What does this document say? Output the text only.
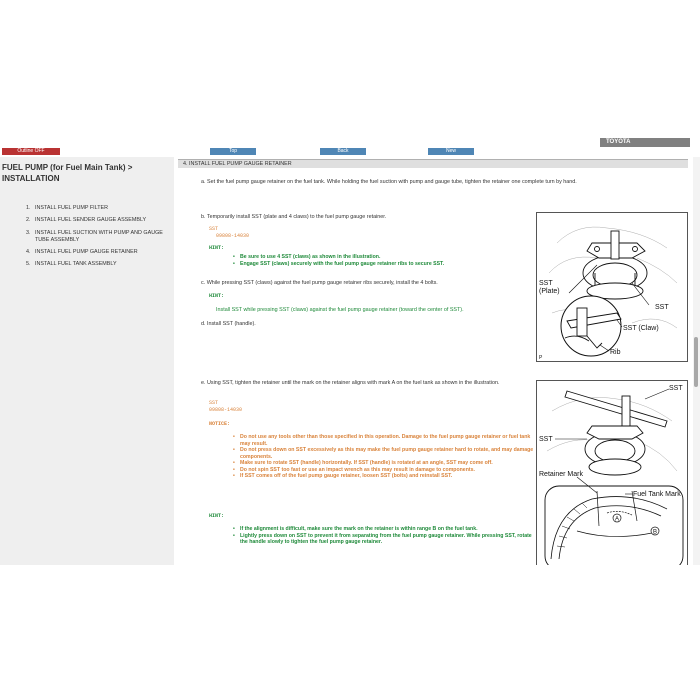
Outline OFF	Top	Back	New
TOYOTA
FUEL PUMP (for Fuel Main Tank) > INSTALLATION
1. INSTALL FUEL PUMP FILTER
2. INSTALL FUEL SENDER GAUGE ASSEMBLY
3. INSTALL FUEL SUCTION WITH PUMP AND GAUGE TUBE ASSEMBLY
4. INSTALL FUEL PUMP GAUGE RETAINER
5. INSTALL FUEL TANK ASSEMBLY
4. INSTALL FUEL PUMP GAUGE RETAINER
a. Set the fuel pump gauge retainer on the fuel tank. While holding the fuel suction with pump and gauge tube, tighten the retainer one complete turn by hand.
b. Temporarily install SST (plate and 4 claws) to the fuel pump gauge retainer.
SST
09808-14030
HINT:
• Be sure to use 4 SST (claws) as shown in the illustration.
• Engage SST (claws) securely with the fuel pump gauge retainer ribs to secure SST.
c. While pressing SST (claws) against the fuel pump gauge retainer ribs securely, install the 4 bolts.
HINT:
Install SST while pressing SST (claws) against the fuel pump gauge retainer (toward the center of SST).
d. Install SST (handle).
SST
(Plate)
SST
SST (Claw)
Rib
P
e. Using SST, tighten the retainer until the mark on the retainer aligns with mark A on the fuel tank as shown in the illustration.
SST
09808-14030
NOTICE:
• Do not use any tools other than those specified in this operation. Damage to the fuel pump gauge retainer or fuel tank may result.
• Do not press down on SST excessively as this may make the fuel pump gauge retainer hard to rotate, and may damage components.
• Make sure to rotate SST (handle) horizontally. If SST (handle) is rotated at an angle, SST may come off.
• Do not spin SST too fast or use an impact wrench as this may result in damage to components.
• If SST comes off of the fuel pump gauge retainer, loosen SST (bolts) and reinstall SST.
HINT:
• If the alignment is difficult, make sure the mark on the retainer is within range B on the fuel tank.
• Lightly press down on SST to prevent it from separating from the fuel pump gauge retainer. While pressing SST, rotate the handle slowly to tighten the fuel pump gauge retainer.
SST
SST
Retainer Mark
Fuel Tank Mark
A
B
